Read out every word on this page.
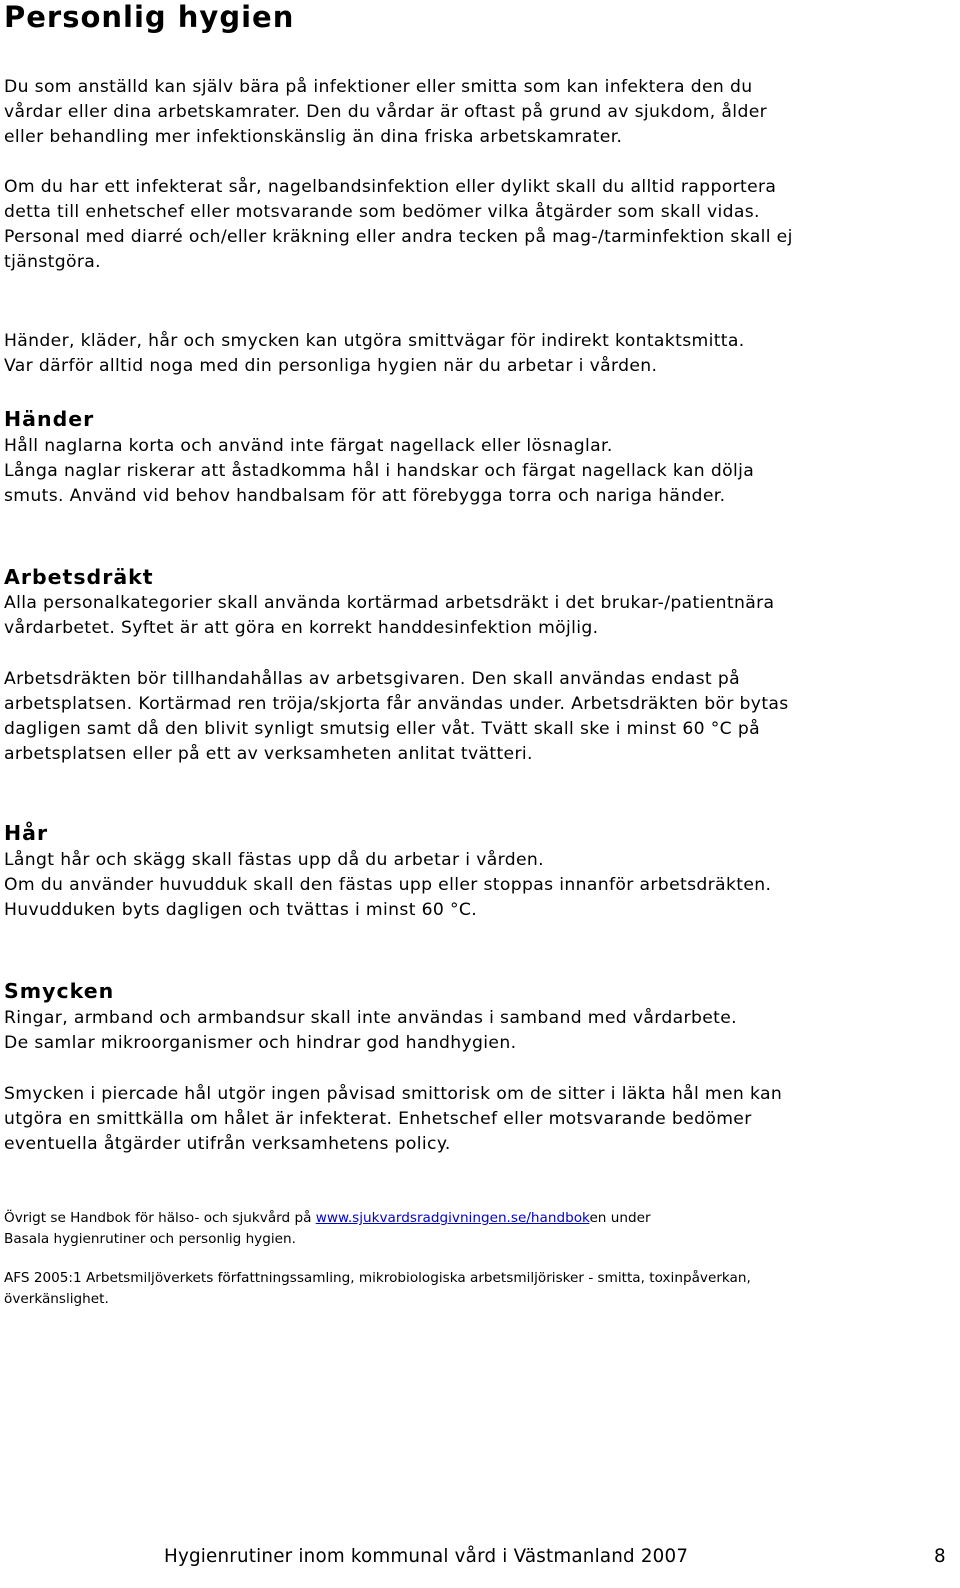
Personlig hygien

Du som anställd kan själv bära på infektioner eller smitta som kan infektera den du
vårdar eller dina arbetskamrater. Den du vårdar är oftast på grund av sjukdom, ålder
eller behandling mer infektionskänslig än dina friska arbetskamrater.

Om du har ett infekterat sår, nagelbandsinfektion eller dylikt skall du alltid rapportera
detta till enhetschef eller motsvarande som bedömer vilka åtgärder som skall vidas.
Personal med diarré och/eller kräkning eller andra tecken på mag-/tarminfektion skall ej
tjänstgöra.

Händer, kläder, hår och smycken kan utgöra smittvägar för indirekt kontaktsmitta.
Var därför alltid noga med din personliga hygien när du arbetar i vården.

Händer

Håll naglarna korta och använd inte färgat nagellack eller lösnaglar.
Långa naglar riskerar att åstadkomma hål i handskar och färgat nagellack kan dölja
smuts. Använd vid behov handbalsam för att förebygga torra och nariga händer.

Arbetsdräkt

Alla personalkategorier skall använda kortärmad arbetsdräkt i det brukar-/patientnära
vårdarbetet. Syftet är att göra en korrekt handdesinfektion möjlig.

Arbetsdräkten bör tillhandahållas av arbetsgivaren. Den skall användas endast på
arbetsplatsen. Kortärmad ren tröja/skjorta får användas under. Arbetsdräkten bör bytas
dagligen samt då den blivit synligt smutsig eller våt. Tvätt skall ske i minst 60 °C på
arbetsplatsen eller på ett av verksamheten anlitat tvätteri.

Hår

Långt hår och skägg skall fästas upp då du arbetar i vården.
Om du använder huvudduk skall den fästas upp eller stoppas innanför arbetsdräkten.
Huvudduken byts dagligen och tvättas i minst 60 °C.

Smycken

Ringar, armband och armbandsur skall inte användas i samband med vårdarbete.
De samlar mikroorganismer och hindrar god handhygien.

Smycken i piercade hål utgör ingen påvisad smittorisk om de sitter i läkta hål men kan
utgöra en smittkälla om hålet är infekterat. Enhetschef eller motsvarande bedömer
eventuella åtgärder utifrån verksamhetens policy.

Övrigt se Handbok för hälso- och sjukvård på www.sjukvardsradgivningen.se/handboken under
Basala hygienrutiner och personlig hygien.

AFS 2005:1 Arbetsmiljöverkets författningssamling, mikrobiologiska arbetsmiljörisker - smitta, toxinpåverkan,
överkänslighet.

Hygienrutiner inom kommunal vård i Västmanland 2007	8
